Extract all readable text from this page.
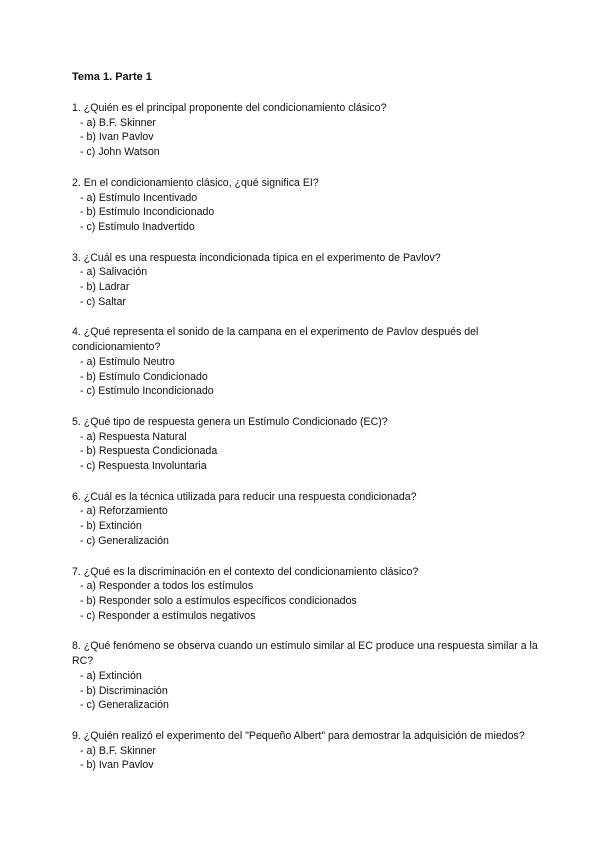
Tema 1. Parte 1

1. ¿Quién es el principal proponente del condicionamiento clásico?

- a) B.F. Skinner
- b) Ivan Pavlov
- c) John Watson

2. En el condicionamiento clásico, ¿qué significa EI?

- a) Estímulo Incentivado
- b) Estímulo Incondicionado
- c) Estímulo Inadvertido

3. ¿Cuál es una respuesta incondicionada típica en el experimento de Pavlov?

- a) Salivación
- b) Ladrar
- c) Saltar

4. ¿Qué representa el sonido de la campana en el experimento de Pavlov después del condicionamiento?

- a) Estímulo Neutro
- b) Estímulo Condicionado
- c) Estímulo Incondicionado

5. ¿Qué tipo de respuesta genera un Estímulo Condicionado (EC)?

- a) Respuesta Natural
- b) Respuesta Condicionada
- c) Respuesta Involuntaria

6. ¿Cuál es la técnica utilizada para reducir una respuesta condicionada?

- a) Reforzamiento
- b) Extinción
- c) Generalización

7. ¿Qué es la discriminación en el contexto del condicionamiento clásico?

- a) Responder a todos los estímulos
- b) Responder solo a estímulos específicos condicionados
- c) Responder a estímulos negativos

8. ¿Qué fenómeno se observa cuando un estímulo similar al EC produce una respuesta similar a la RC?

- a) Extinción
- b) Discriminación
- c) Generalización

9. ¿Quién realizó el experimento del "Pequeño Albert" para demostrar la adquisición de miedos?

- a) B.F. Skinner
- b) Ivan Pavlov
